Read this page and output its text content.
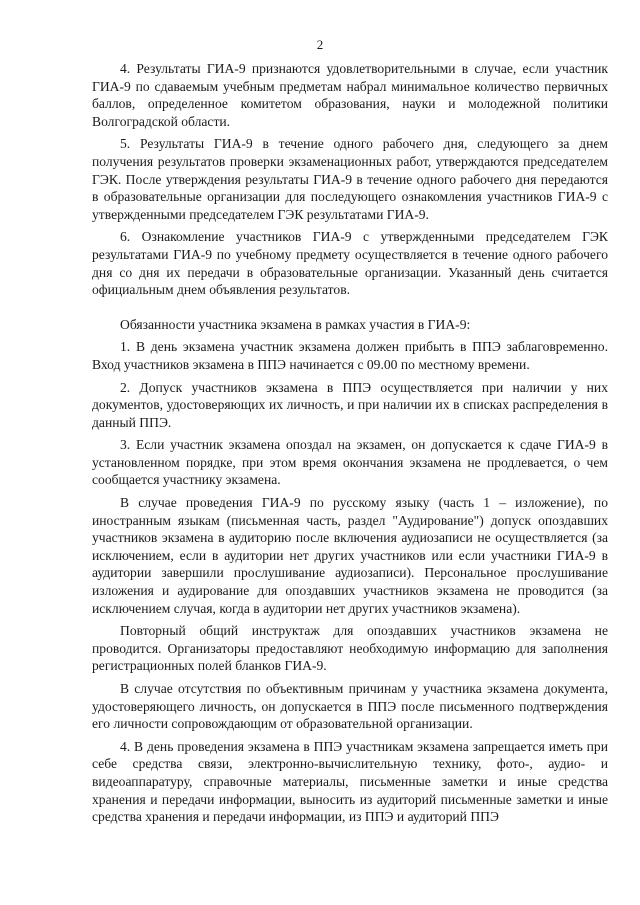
2

4. Результаты ГИА-9 признаются удовлетворительными в случае, если участник ГИА-9 по сдаваемым учебным предметам набрал минимальное количество первичных баллов, определенное комитетом образования, науки и молодежной политики Волгоградской области.

5. Результаты ГИА-9 в течение одного рабочего дня, следующего за днем получения результатов проверки экзаменационных работ, утверждаются председателем ГЭК. После утверждения результаты ГИА-9 в течение одного рабочего дня передаются в образовательные организации для последующего ознакомления участников ГИА-9 с утвержденными председателем ГЭК результатами ГИА-9.

6. Ознакомление участников ГИА-9 с утвержденными председателем ГЭК результатами ГИА-9 по учебному предмету осуществляется в течение одного рабочего дня со дня их передачи в образовательные организации. Указанный день считается официальным днем объявления результатов.

Обязанности участника экзамена в рамках участия в ГИА-9:

1. В день экзамена участник экзамена должен прибыть в ППЭ заблаговременно. Вход участников экзамена в ППЭ начинается с 09.00 по местному времени.

2. Допуск участников экзамена в ППЭ осуществляется при наличии у них документов, удостоверяющих их личность, и при наличии их в списках распределения в данный ППЭ.

3. Если участник экзамена опоздал на экзамен, он допускается к сдаче ГИА-9 в установленном порядке, при этом время окончания экзамена не продлевается, о чем сообщается участнику экзамена.

В случае проведения ГИА-9 по русскому языку (часть 1 – изложение), по иностранным языкам (письменная часть, раздел "Аудирование") допуск опоздавших участников экзамена в аудиторию после включения аудиозаписи не осуществляется (за исключением, если в аудитории нет других участников или если участники ГИА-9 в аудитории завершили прослушивание аудиозаписи). Персональное прослушивание изложения и аудирование для опоздавших участников экзамена не проводится (за исключением случая, когда в аудитории нет других участников экзамена).

Повторный общий инструктаж для опоздавших участников экзамена не проводится. Организаторы предоставляют необходимую информацию для заполнения регистрационных полей бланков ГИА-9.

В случае отсутствия по объективным причинам у участника экзамена документа, удостоверяющего личность, он допускается в ППЭ после письменного подтверждения его личности сопровождающим от образовательной организации.

4. В день проведения экзамена в ППЭ участникам экзамена запрещается иметь при себе средства связи, электронно-вычислительную технику, фото-, аудио- и видеоаппаратуру, справочные материалы, письменные заметки и иные средства хранения и передачи информации, выносить из аудиторий письменные заметки и иные средства хранения и передачи информации, из ППЭ и аудиторий ППЭ
